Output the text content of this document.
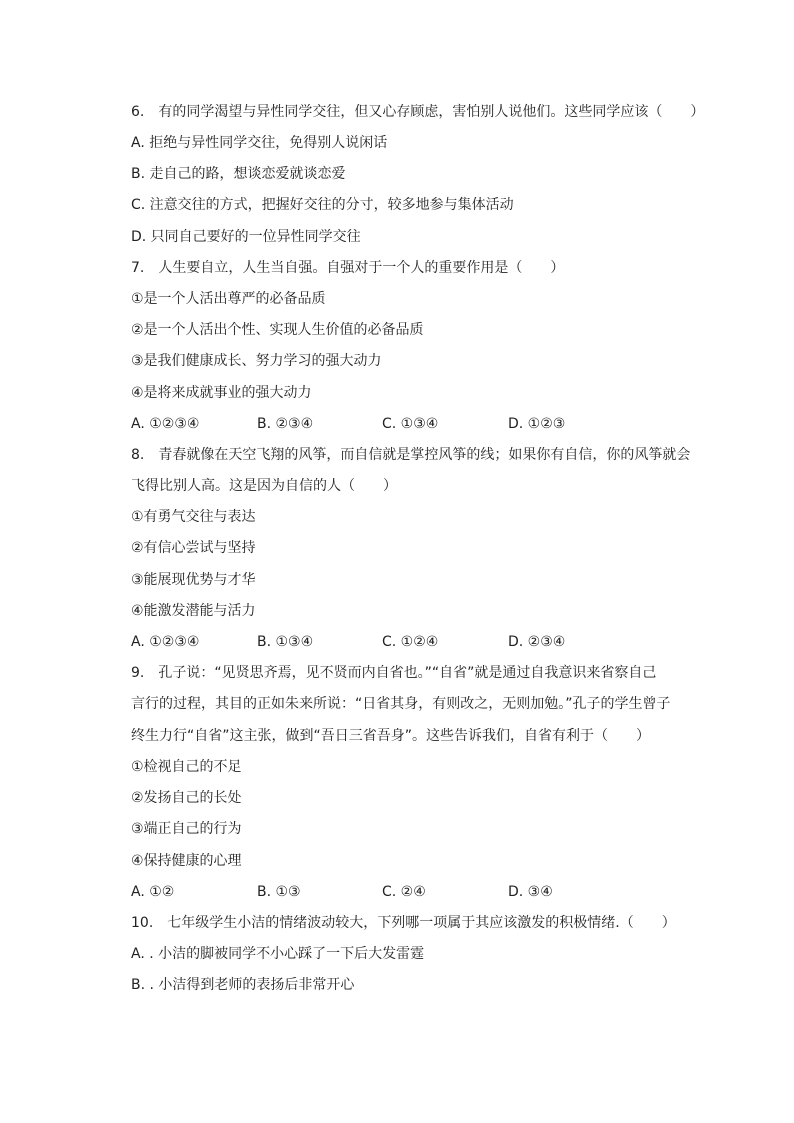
6.　有的同学渴望与异性同学交往，但又心存顾虑，害怕别人说他们。这些同学应该（　　）
A. 拒绝与异性同学交往，免得别人说闲话
B. 走自己的路，想谈恋爱就谈恋爱
C. 注意交往的方式，把握好交往的分寸，较多地参与集体活动
D. 只同自己要好的一位异性同学交往
7.　人生要自立，人生当自强。自强对于一个人的重要作用是（　　）
①是一个人活出尊严的必备品质
②是一个人活出个性、实现人生价值的必备品质
③是我们健康成长、努力学习的强大动力
④是将来成就事业的强大动力
A. ①②③④	B. ②③④	C. ①③④	D. ①②③
8.　青春就像在天空飞翔的风筝，而自信就是掌控风筝的线；如果你有自信，你的风筝就会
飞得比别人高。这是因为自信的人（　　）
①有勇气交往与表达
②有信心尝试与坚持
③能展现优势与才华
④能激发潜能与活力
A. ①②③④	B. ①③④	C. ①②④	D. ②③④
9.　孔子说：“见贤思齐焉，见不贤而内自省也。”“自省”就是通过自我意识来省察自己
言行的过程，其目的正如朱来所说：“日省其身，有则改之，无则加勉。”孔子的学生曾子
终生力行“自省”这主张，做到“吾日三省吾身”。这些告诉我们，自省有利于（　　）
①检视自己的不足
②发扬自己的长处
③端正自己的行为
④保持健康的心理
A. ①②	B. ①③	C. ②④	D. ③④
10.　七年级学生小洁的情绪波动较大，下列哪一项属于其应该激发的积极情绪.（　　）
A. . 小洁的脚被同学不小心踩了一下后大发雷霆
B. . 小洁得到老师的表扬后非常开心
